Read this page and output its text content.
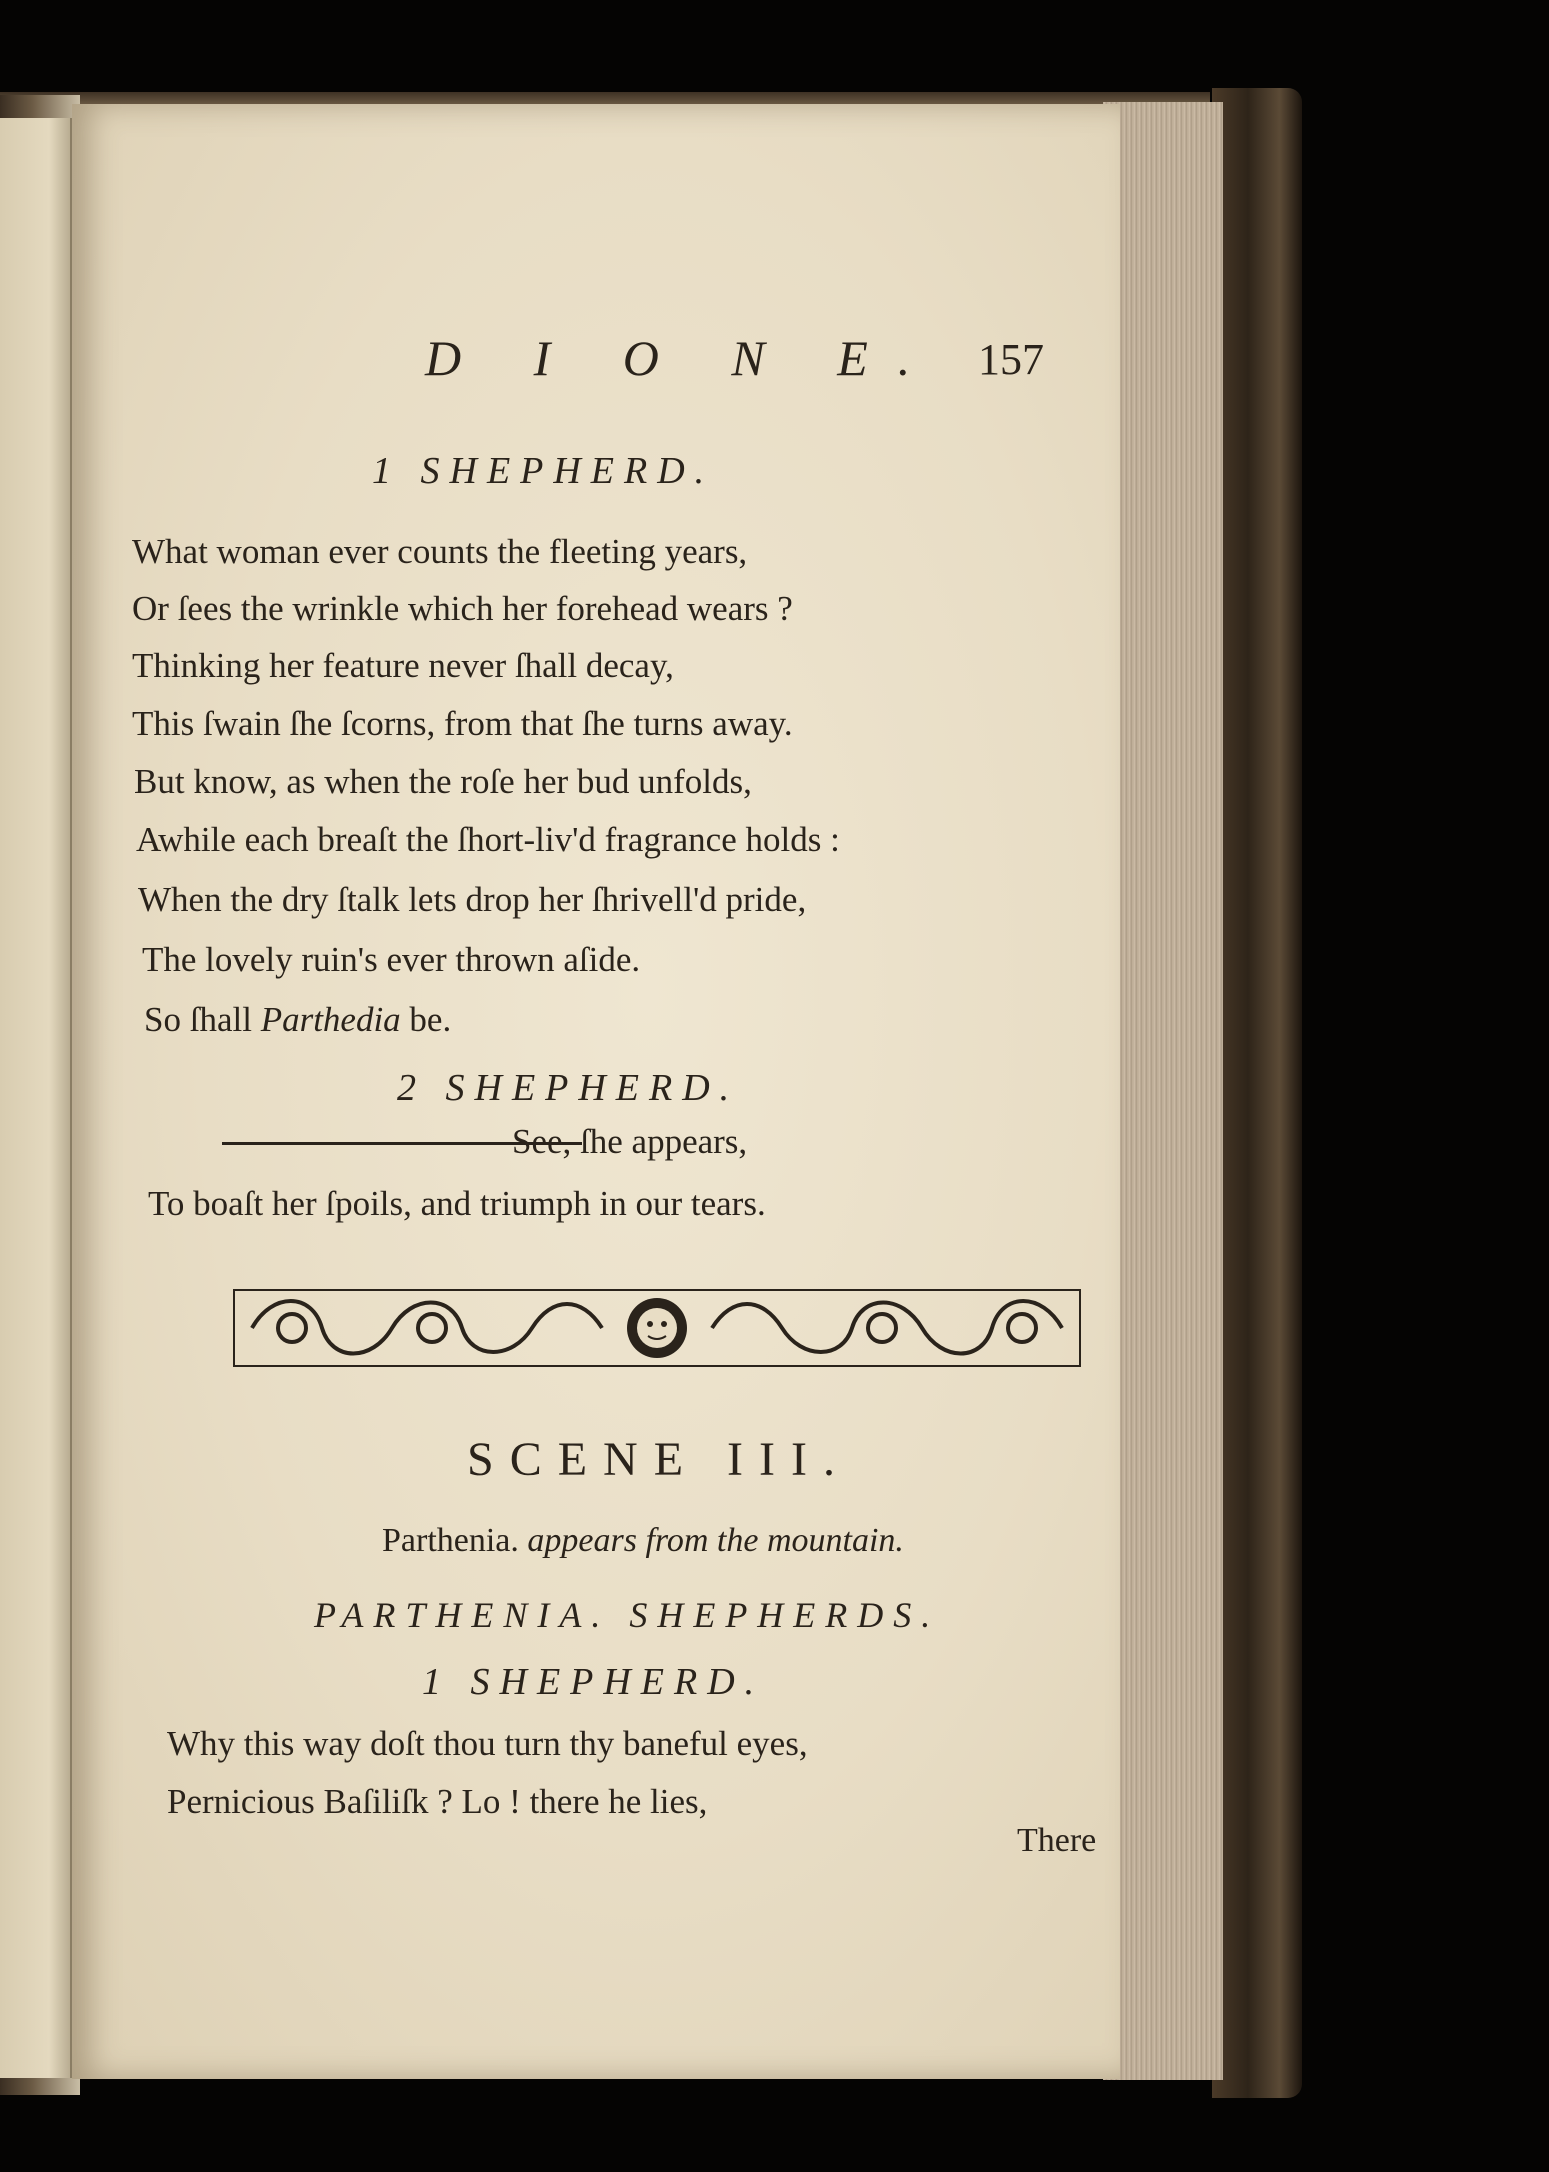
D I O N E. 157
1 SHEPHERD.
What woman ever counts the fleeting years,
Or ſees the wrinkle which her forehead wears ?
Thinking her feature never ſhall decay,
This ſwain ſhe ſcorns, from that ſhe turns away.
But know, as when the roſe her bud unfolds,
Awhile each breaſt the ſhort-liv'd fragrance holds :
When the dry ſtalk lets drop her ſhrivell'd pride,
The lovely ruin's ever thrown aſide.
So ſhall Parthedia be.
2 SHEPHERD.
See, ſhe appears,
To boaſt her ſpoils, and triumph in our tears.
SCENE III.
Parthenia. appears from the mountain.
PARTHENIA. SHEPHERDS.
1 SHEPHERD.
Why this way doſt thou turn thy baneful eyes,
Pernicious Baſiliſk ? Lo ! there he lies,
There
